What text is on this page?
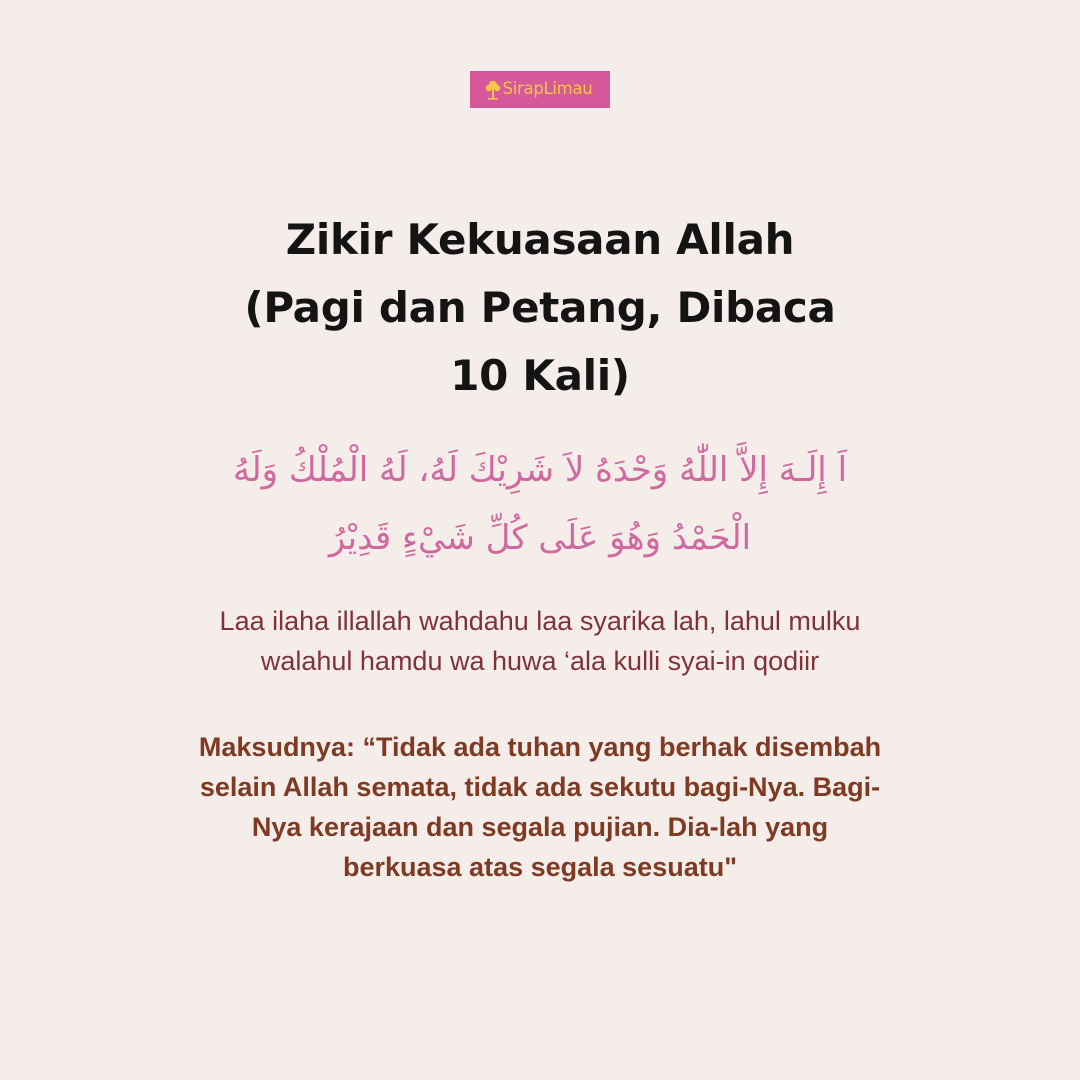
SirapLimau
Zikir Kekuasaan Allah
(Pagi dan Petang, Dibaca
10 Kali)
اَ إِلَـهَ إِلاَّ اللّٰهُ وَحْدَهُ لاَ شَرِيْكَ لَهُ، لَهُ الْمُلْكُ وَلَهُ
الْحَمْدُ وَهُوَ عَلَى كُلِّ شَيْءٍ قَدِيْرُ
Laa ilaha illallah wahdahu laa syarika lah, lahul mulku
walahul hamdu wa huwa ‘ala kulli syai-in qodiir
Maksudnya: “Tidak ada tuhan yang berhak disembah
selain Allah semata, tidak ada sekutu bagi-Nya. Bagi-
Nya kerajaan dan segala pujian. Dia-lah yang
berkuasa atas segala sesuatu"
